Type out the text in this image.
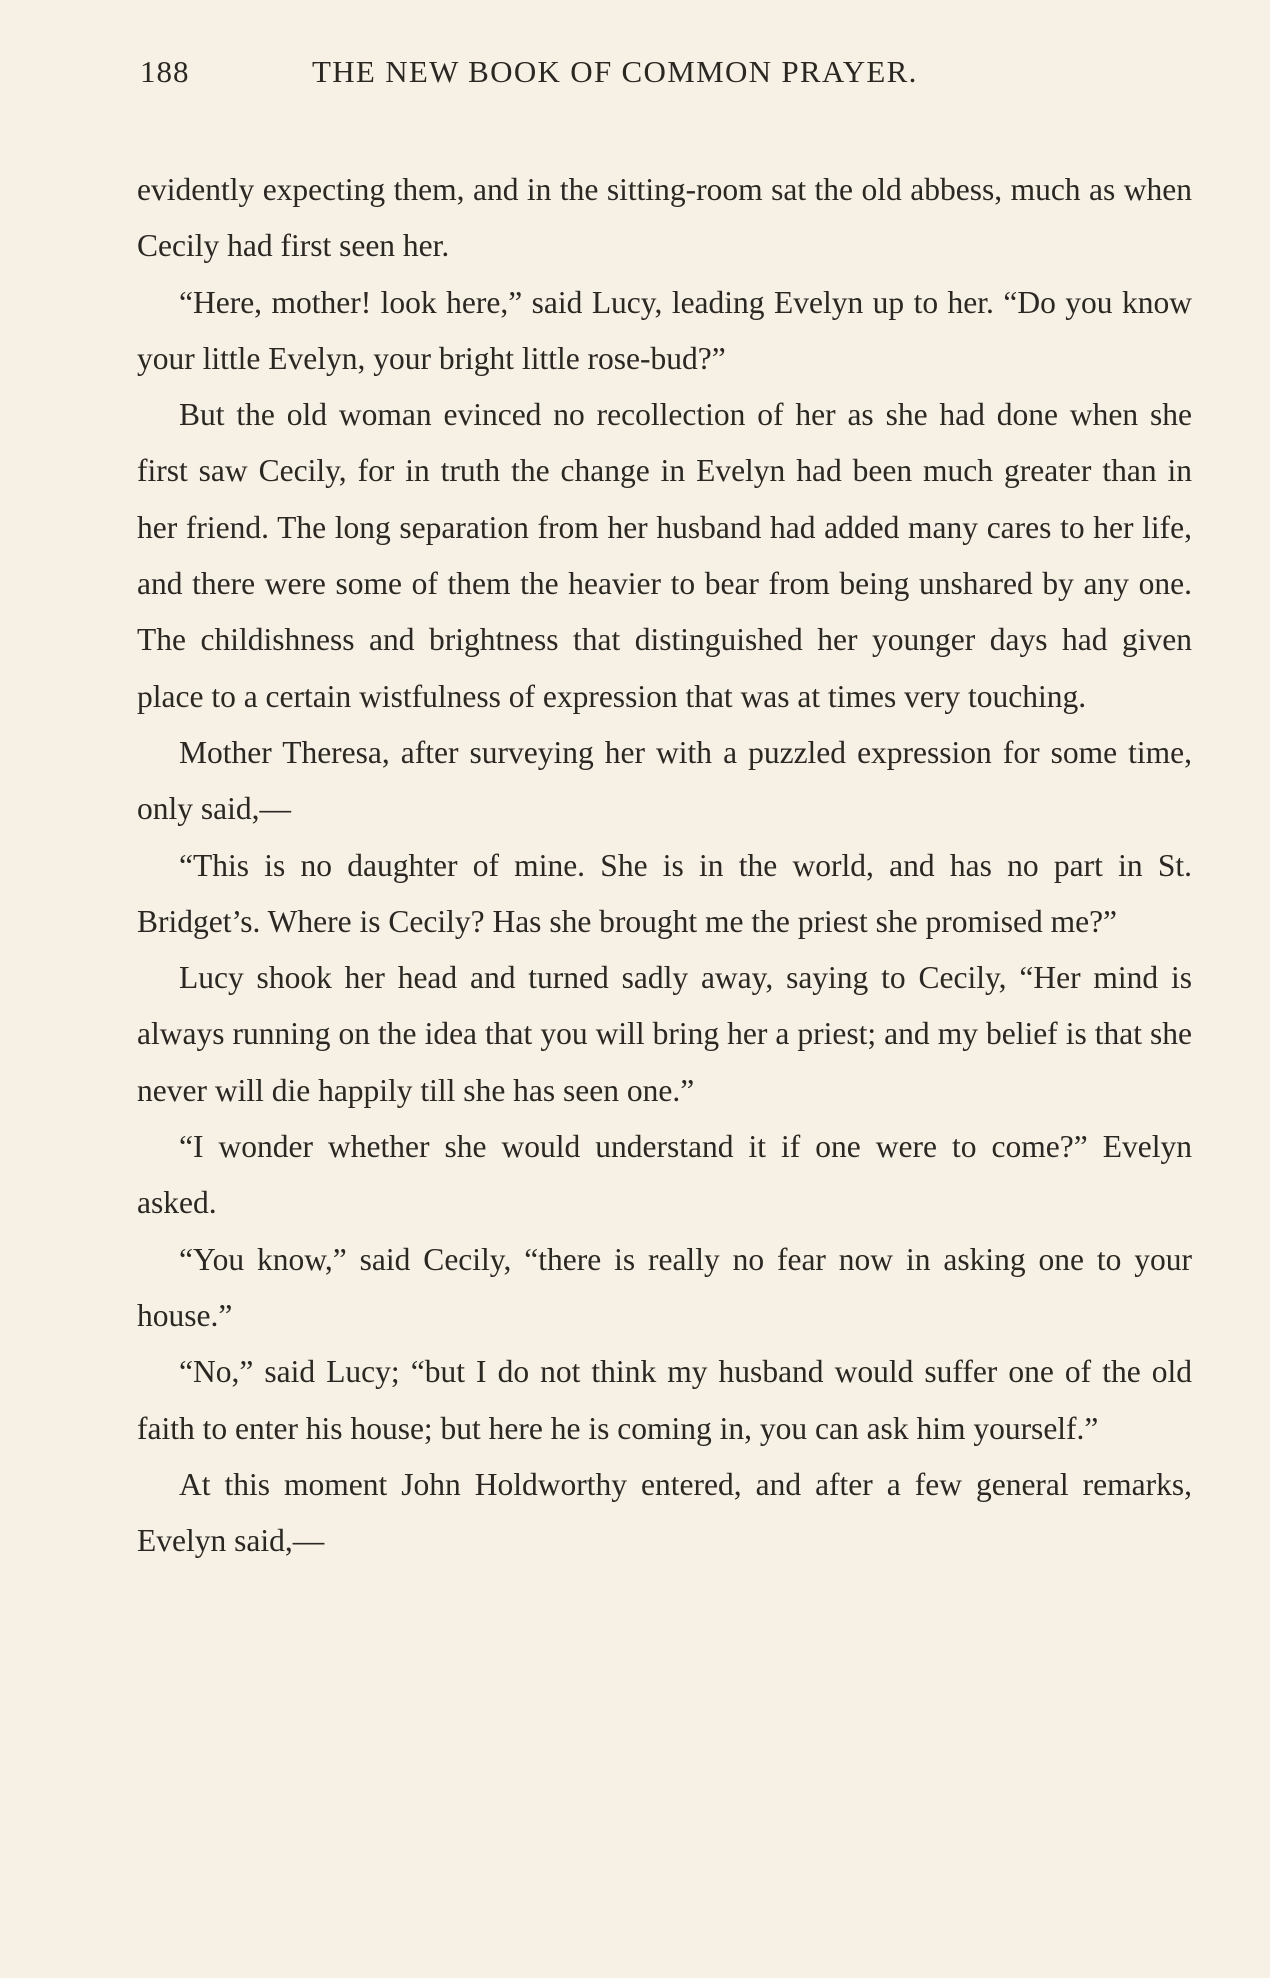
188	THE NEW BOOK OF COMMON PRAYER.

evidently expecting them, and in the sitting-room sat the old abbess, much as when Cecily had first seen her.

“Here, mother! look here,” said Lucy, leading Evelyn up to her. “Do you know your little Evelyn, your bright little rose-bud?”

But the old woman evinced no recollection of her as she had done when she first saw Cecily, for in truth the change in Evelyn had been much greater than in her friend. The long separation from her husband had added many cares to her life, and there were some of them the heavier to bear from being unshared by any one. The childishness and brightness that distinguished her younger days had given place to a certain wistfulness of expression that was at times very touching.

Mother Theresa, after surveying her with a puzzled expression for some time, only said,—

“This is no daughter of mine. She is in the world, and has no part in St. Bridget’s. Where is Cecily? Has she brought me the priest she promised me?”

Lucy shook her head and turned sadly away, saying to Cecily, “Her mind is always running on the idea that you will bring her a priest; and my belief is that she never will die happily till she has seen one.”

“I wonder whether she would understand it if one were to come?” Evelyn asked.

“You know,” said Cecily, “there is really no fear now in asking one to your house.”

“No,” said Lucy; “but I do not think my husband would suffer one of the old faith to enter his house; but here he is coming in, you can ask him yourself.”

At this moment John Holdworthy entered, and after a few general remarks, Evelyn said,—
